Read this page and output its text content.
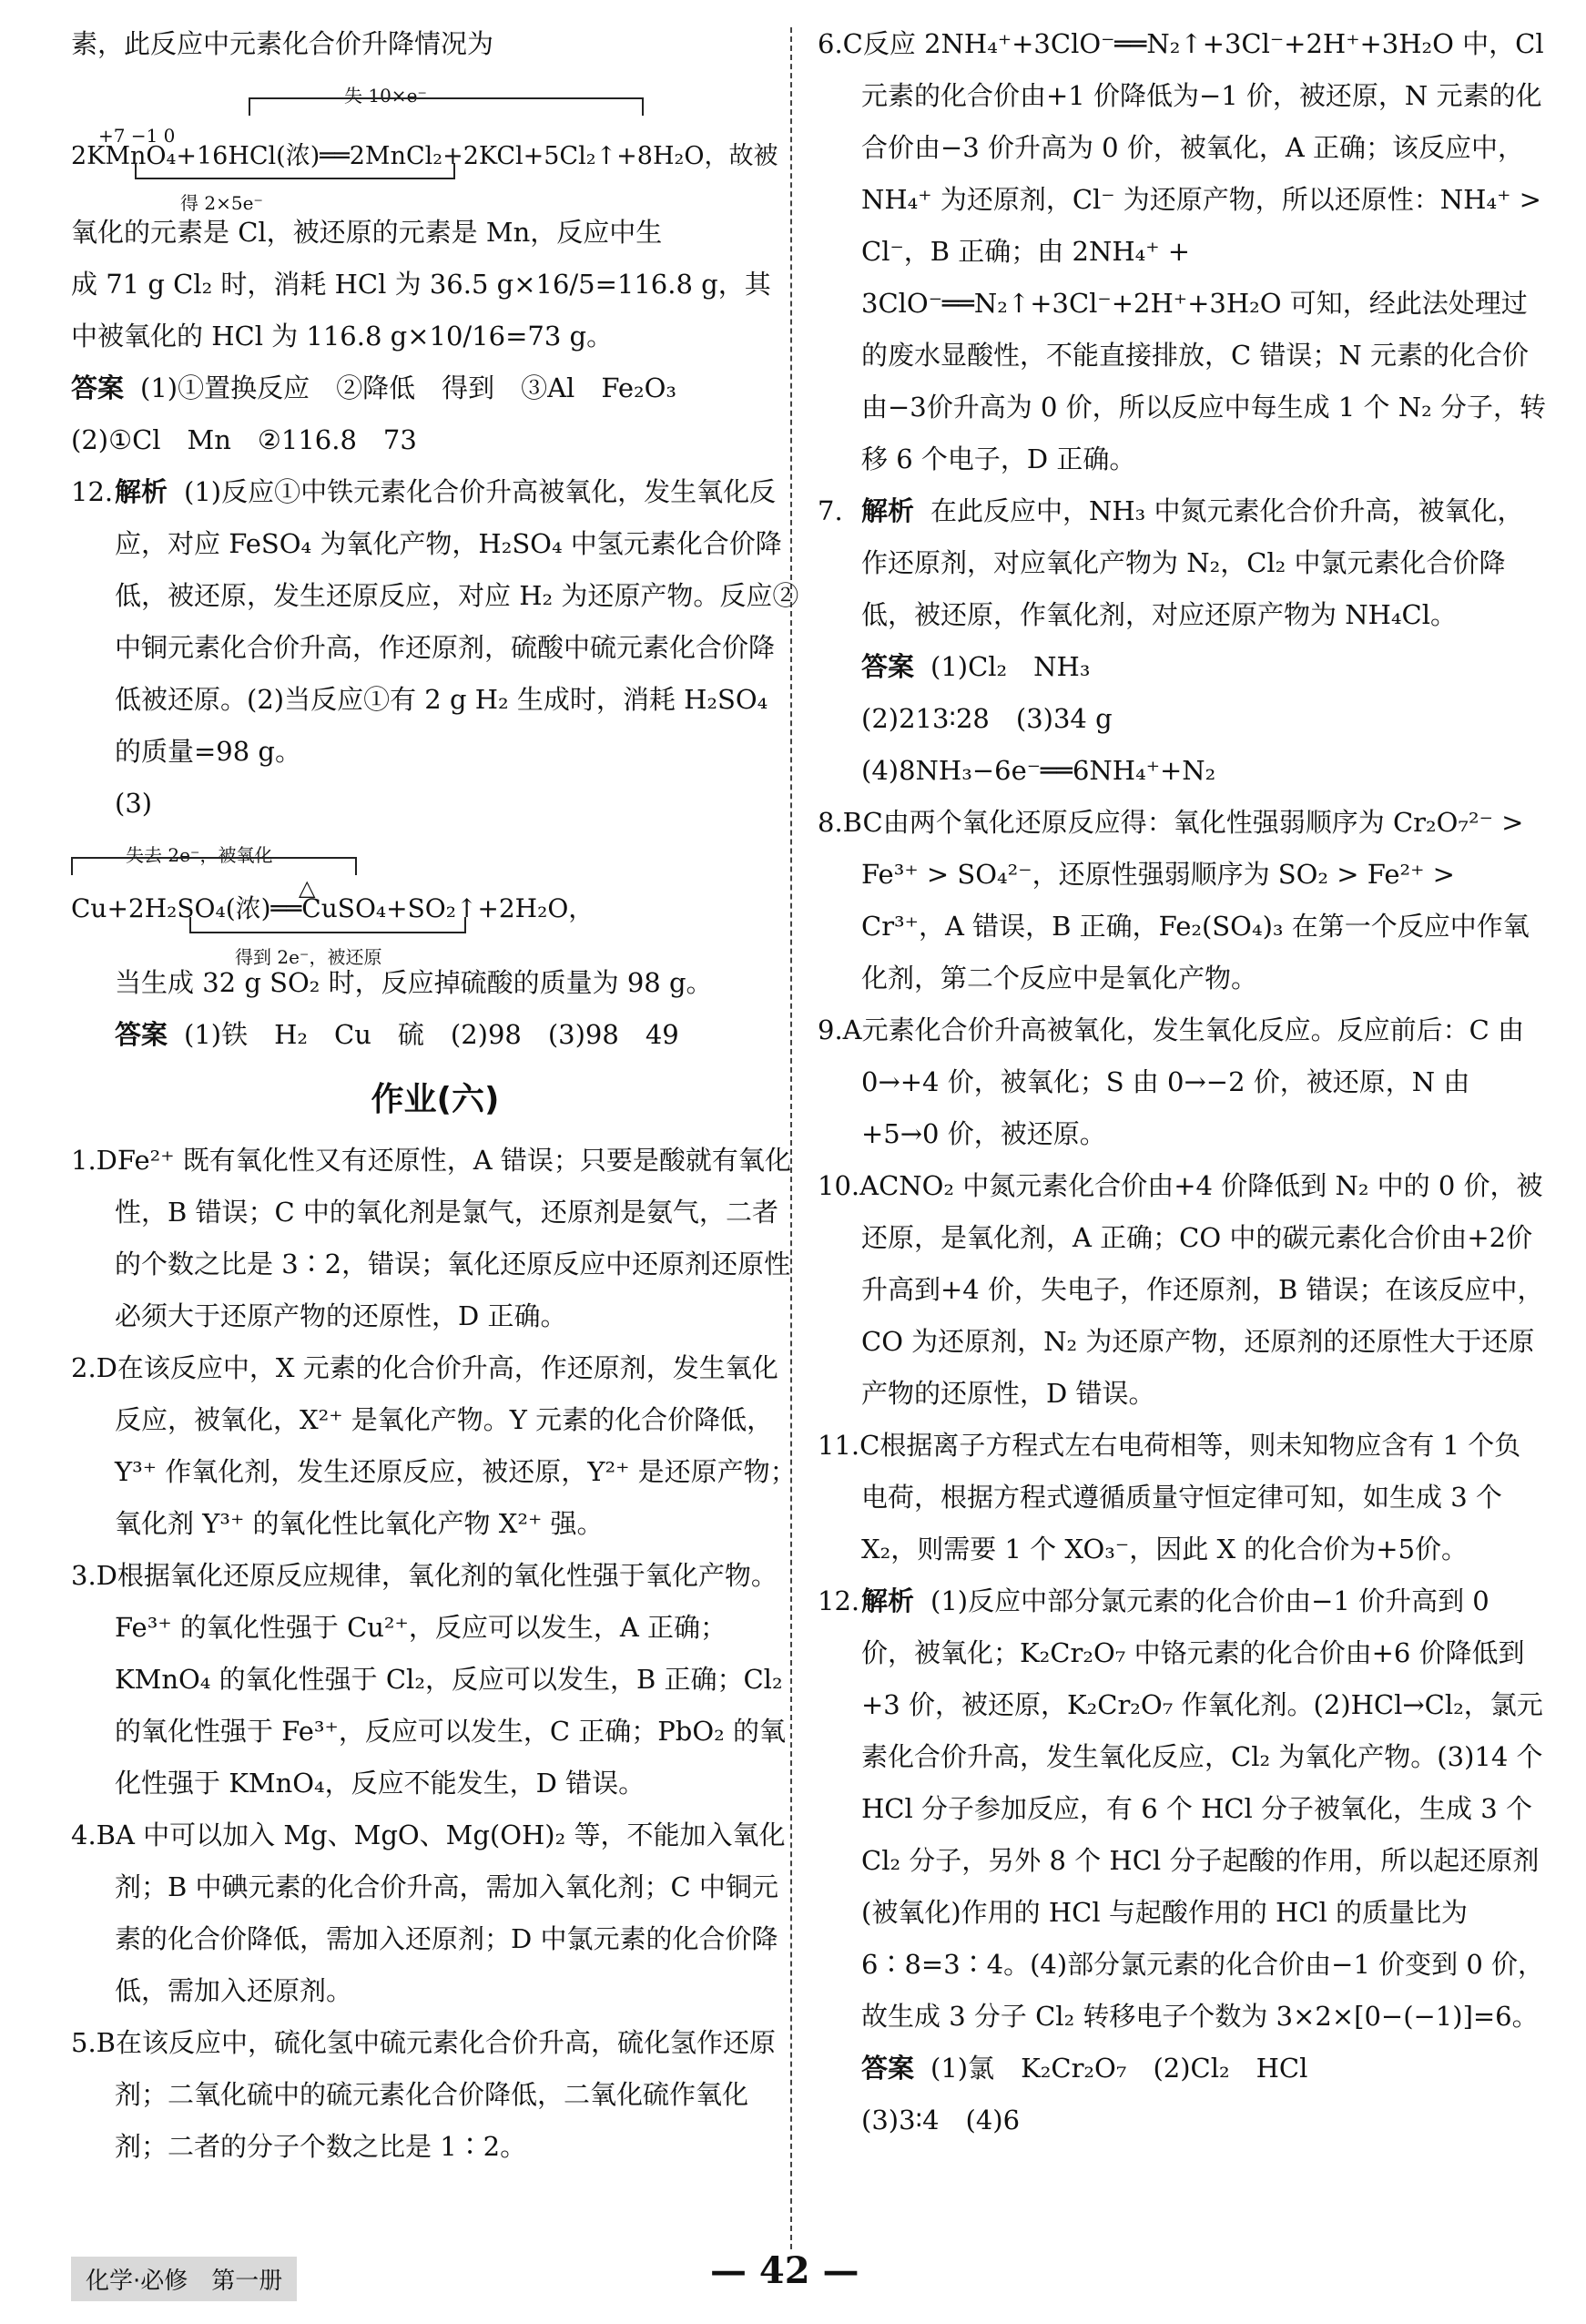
素，此反应中元素化合价升降情况为

失 10×e⁻
+7 −1 0
2KMnO₄+16HCl(浓)══2MnCl₂+2KCl+5Cl₂↑+8H₂O，故被
得 2×5e⁻

氧化的元素是 Cl，被还原的元素是 Mn，反应中生

成 71 g Cl₂ 时，消耗 HCl 为 36.5 g×16/5=116.8 g，其

中被氧化的 HCl 为 116.8 g×10/16=73 g。

答案 (1)①置换反应　②降低　得到　③Al　Fe₂O₃

(2)①Cl　Mn　②116.8　73

12.解析 (1)反应①中铁元素化合价升高被氧化，发生氧化反应，对应 FeSO₄ 为氧化产物，H₂SO₄ 中氢元素化合价降低，被还原，发生还原反应，对应 H₂ 为还原产物。反应②中铜元素化合价升高，作还原剂，硫酸中硫元素化合价降低被还原。(2)当反应①有 2 g H₂ 生成时，消耗 H₂SO₄ 的质量=98 g。

(3)

失去 2e⁻，被氧化
△
Cu+2H₂SO₄(浓)══CuSO₄+SO₂↑+2H₂O，
得到 2e⁻，被还原

当生成 32 g SO₂ 时，反应掉硫酸的质量为 98 g。

答案 (1)铁　H₂　Cu　硫　(2)98　(3)98　49

作业(六)

1.DFe²⁺ 既有氧化性又有还原性，A 错误；只要是酸就有氧化性，B 错误；C 中的氧化剂是氯气，还原剂是氨气，二者的个数之比是 3∶2，错误；氧化还原反应中还原剂还原性必须大于还原产物的还原性，D 正确。

2.D在该反应中，X 元素的化合价升高，作还原剂，发生氧化反应，被氧化，X²⁺ 是氧化产物。Y 元素的化合价降低，Y³⁺ 作氧化剂，发生还原反应，被还原，Y²⁺ 是还原产物；氧化剂 Y³⁺ 的氧化性比氧化产物 X²⁺ 强。

3.D根据氧化还原反应规律，氧化剂的氧化性强于氧化产物。Fe³⁺ 的氧化性强于 Cu²⁺，反应可以发生，A 正确；KMnO₄ 的氧化性强于 Cl₂，反应可以发生，B 正确；Cl₂ 的氧化性强于 Fe³⁺，反应可以发生，C 正确；PbO₂ 的氧化性强于 KMnO₄，反应不能发生，D 错误。

4.BA 中可以加入 Mg、MgO、Mg(OH)₂ 等，不能加入氧化剂；B 中碘元素的化合价升高，需加入氧化剂；C 中铜元素的化合价降低，需加入还原剂；D 中氯元素的化合价降低，需加入还原剂。

5.B在该反应中，硫化氢中硫元素化合价升高，硫化氢作还原剂；二氧化硫中的硫元素化合价降低，二氧化硫作氧化剂；二者的分子个数之比是 1∶2。

6.C反应 2NH₄⁺+3ClO⁻══N₂↑+3Cl⁻+2H⁺+3H₂O 中，Cl 元素的化合价由+1 价降低为−1 价，被还原，N 元素的化合价由−3 价升高为 0 价，被氧化，A 正确；该反应中，NH₄⁺ 为还原剂，Cl⁻ 为还原产物，所以还原性：NH₄⁺ > Cl⁻，B 正确；由 2NH₄⁺ + 3ClO⁻══N₂↑+3Cl⁻+2H⁺+3H₂O 可知，经此法处理过的废水显酸性，不能直接排放，C 错误；N 元素的化合价由−3价升高为 0 价，所以反应中每生成 1 个 N₂ 分子，转移 6 个电子，D 正确。

7. 解析 在此反应中，NH₃ 中氮元素化合价升高，被氧化，作还原剂，对应氧化产物为 N₂，Cl₂ 中氯元素化合价降低，被还原，作氧化剂，对应还原产物为 NH₄Cl。

答案 (1)Cl₂　NH₃

(2)213∶28　(3)34 g

(4)8NH₃−6e⁻══6NH₄⁺+N₂

8.BC由两个氧化还原反应得：氧化性强弱顺序为 Cr₂O₇²⁻ > Fe³⁺ > SO₄²⁻，还原性强弱顺序为 SO₂ > Fe²⁺ > Cr³⁺，A 错误，B 正确，Fe₂(SO₄)₃ 在第一个反应中作氧化剂，第二个反应中是氧化产物。

9.A元素化合价升高被氧化，发生氧化反应。反应前后：C 由 0→+4 价，被氧化；S 由 0→−2 价，被还原，N 由+5→0 价，被还原。

10.ACNO₂ 中氮元素化合价由+4 价降低到 N₂ 中的 0 价，被还原，是氧化剂，A 正确；CO 中的碳元素化合价由+2价升高到+4 价，失电子，作还原剂，B 错误；在该反应中，CO 为还原剂，N₂ 为还原产物，还原剂的还原性大于还原产物的还原性，D 错误。

11.C根据离子方程式左右电荷相等，则未知物应含有 1 个负电荷，根据方程式遵循质量守恒定律可知，如生成 3 个 X₂，则需要 1 个 XO₃⁻，因此 X 的化合价为+5价。

12.解析 (1)反应中部分氯元素的化合价由−1 价升高到 0 价，被氧化；K₂Cr₂O₇ 中铬元素的化合价由+6 价降低到+3 价，被还原，K₂Cr₂O₇ 作氧化剂。(2)HCl→Cl₂，氯元素化合价升高，发生氧化反应，Cl₂ 为氧化产物。(3)14 个 HCl 分子参加反应，有 6 个 HCl 分子被氧化，生成 3 个 Cl₂ 分子，另外 8 个 HCl 分子起酸的作用，所以起还原剂(被氧化)作用的 HCl 与起酸作用的 HCl 的质量比为 6∶8=3∶4。(4)部分氯元素的化合价由−1 价变到 0 价，故生成 3 分子 Cl₂ 转移电子个数为 3×2×[0−(−1)]=6。

答案 (1)氯　K₂Cr₂O₇　(2)Cl₂　HCl

(3)3∶4　(4)6

化学·必修　第一册	— 42 —
